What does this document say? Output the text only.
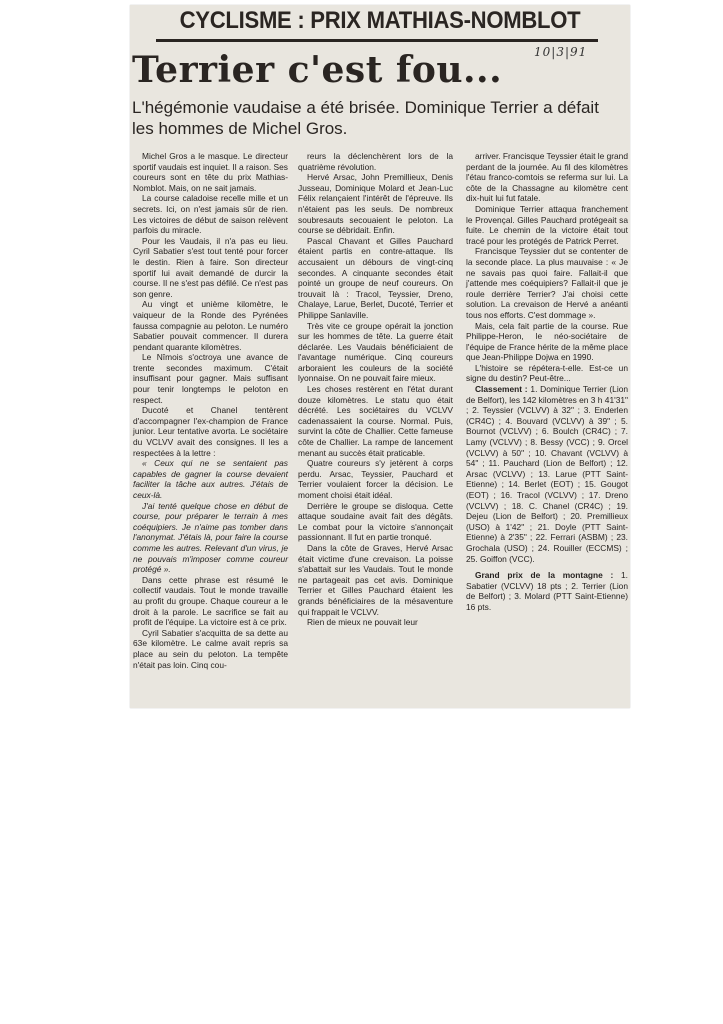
CYCLISME : PRIX MATHIAS-NOMBLOT
10|3|91
Terrier c'est fou...
L'hégémonie vaudaise a été brisée. Dominique Terrier a défait les hommes de Michel Gros.

Michel Gros a le masque. Le directeur sportif vaudais est inquiet. Il a raison. Ses coureurs sont en tête du prix Mathias-Nomblot. Mais, on ne sait jamais.

La course caladoise recelle mille et un secrets. Ici, on n'est jamais sûr de rien. Les victoires de début de saison relèvent parfois du miracle.

Pour les Vaudais, il n'a pas eu lieu. Cyril Sabatier s'est tout tenté pour forcer le destin. Rien à faire. Son directeur sportif lui avait demandé de durcir la course. Il ne s'est pas défilé. Ce n'est pas son genre.

Au vingt et unième kilomètre, le vaiqueur de la Ronde des Pyrénées faussa compagnie au peloton. Le numéro Sabatier pouvait commencer. Il durera pendant quarante kilomètres.

Le Nîmois s'octroya une avance de trente secondes maximum. C'était insuffisant pour gagner. Mais suffisant pour tenir longtemps le peloton en respect.

Ducoté et Chanel tentèrent d'accompagner l'ex-champion de France junior. Leur tentative avorta. Le sociétaire du VCLVV avait des consignes. Il les a respectées à la lettre :

« Ceux qui ne se sentaient pas capables de gagner la course devaient faciliter la tâche aux autres. J'étais de ceux-là.

J'ai tenté quelque chose en début de course, pour préparer le terrain à mes coéquipiers. Je n'aime pas tomber dans l'anonymat. J'étais là, pour faire la course comme les autres. Relevant d'un virus, je ne pouvais m'imposer comme coureur protégé ».

Dans cette phrase est résumé le collectif vaudais. Tout le monde travaille au profit du groupe. Chaque coureur a le droit à la parole. Le sacrifice se fait au profit de l'équipe. La victoire est à ce prix.

Cyril Sabatier s'acquitta de sa dette au 63e kilomètre. Le calme avait repris sa place au sein du peloton. La tempête n'était pas loin. Cinq cou-

reurs la déclenchèrent lors de la quatrième révolution.

Hervé Arsac, John Premillieux, Denis Jusseau, Dominique Molard et Jean-Luc Félix relançaient l'intérêt de l'épreuve. Ils n'étaient pas les seuls. De nombreux soubresauts secouaient le peloton. La course se débridait. Enfin.

Pascal Chavant et Gilles Pauchard étaient partis en contre-attaque. Ils accusaient un débours de vingt-cinq secondes. A cinquante secondes était pointé un groupe de neuf coureurs. On trouvait là : Tracol, Teyssier, Dreno, Chalaye, Larue, Berlet, Ducoté, Terrier et Philippe Sanlaville.

Très vite ce groupe opérait la jonction sur les hommes de tête. La guerre était déclarée. Les Vaudais bénéficiaient de l'avantage numérique. Cinq coureurs arboraient les couleurs de la société lyonnaise. On ne pouvait faire mieux.

Les choses restèrent en l'état durant douze kilomètres. Le statu quo était décrété. Les sociétaires du VCLVV cadenassaient la course. Normal. Puis, survint la côte de Challier. Cette fameuse côte de Challier. La rampe de lancement menant au succès était praticable.

Quatre coureurs s'y jetèrent à corps perdu. Arsac, Teyssier, Pauchard et Terrier voulaient forcer la décision. Le moment choisi était idéal.

Derrière le groupe se disloqua. Cette attaque soudaine avait fait des dégâts. Le combat pour la victoire s'annonçait passionnant. Il fut en partie tronqué.

Dans la côte de Graves, Hervé Arsac était victime d'une crevaison. La poisse s'abattait sur les Vaudais. Tout le monde ne partageait pas cet avis. Dominique Terrier et Gilles Pauchard étaient les grands bénéficiaires de la mésaventure qui frappait le VCLVV.

Rien de mieux ne pouvait leur

arriver. Francisque Teyssier était le grand perdant de la journée. Au fil des kilomètres l'étau franco-comtois se referma sur lui. La côte de la Chassagne au kilomètre cent dix-huit lui fut fatale.

Dominique Terrier attaqua franchement le Provençal. Gilles Pauchard protégeait sa fuite. Le chemin de la victoire était tout tracé pour les protégés de Patrick Perret.

Francisque Teyssier dut se contenter de la seconde place. La plus mauvaise : « Je ne savais pas quoi faire. Fallait-il que j'attende mes coéquipiers? Fallait-il que je roule derrière Terrier? J'ai choisi cette solution. La crevaison de Hervé a anéanti tous nos efforts. C'est dommage ».

Mais, cela fait partie de la course. Rue Philippe-Heron, le néo-sociétaire de l'équipe de France hérite de la même place que Jean-Philippe Dojwa en 1990.

L'histoire se répétera-t-elle. Est-ce un signe du destin? Peut-être...

Classement : 1. Dominique Terrier (Lion de Belfort), les 142 kilomètres en 3 h 41'31" ; 2. Teyssier (VCLVV) à 32" ; 3. Enderlen (CR4C) ; 4. Bouvard (VCLVV) à 39" ; 5. Bournot (VCLVV) ; 6. Boulch (CR4C) ; 7. Lamy (VCLVV) ; 8. Bessy (VCC) ; 9. Orcel (VCLVV) à 50" ; 10. Chavant (VCLVV) à 54" ; 11. Pauchard (Lion de Belfort) ; 12. Arsac (VCLVV) ; 13. Larue (PTT Saint-Etienne) ; 14. Berlet (EOT) ; 15. Gougot (EOT) ; 16. Tracol (VCLVV) ; 17. Dreno (VCLVV) ; 18. C. Chanel (CR4C) ; 19. Dejeu (Lion de Belfort) ; 20. Premillieux (USO) à 1'42" ; 21. Doyle (PTT Saint-Etienne) à 2'35" ; 22. Ferrari (ASBM) ; 23. Grochala (USO) ; 24. Rouiller (ECCMS) ; 25. Goiffon (VCC).

Grand prix de la montagne : 1. Sabatier (VCLVV) 18 pts ; 2. Terrier (Lion de Belfort) ; 3. Molard (PTT Saint-Etienne) 16 pts.
